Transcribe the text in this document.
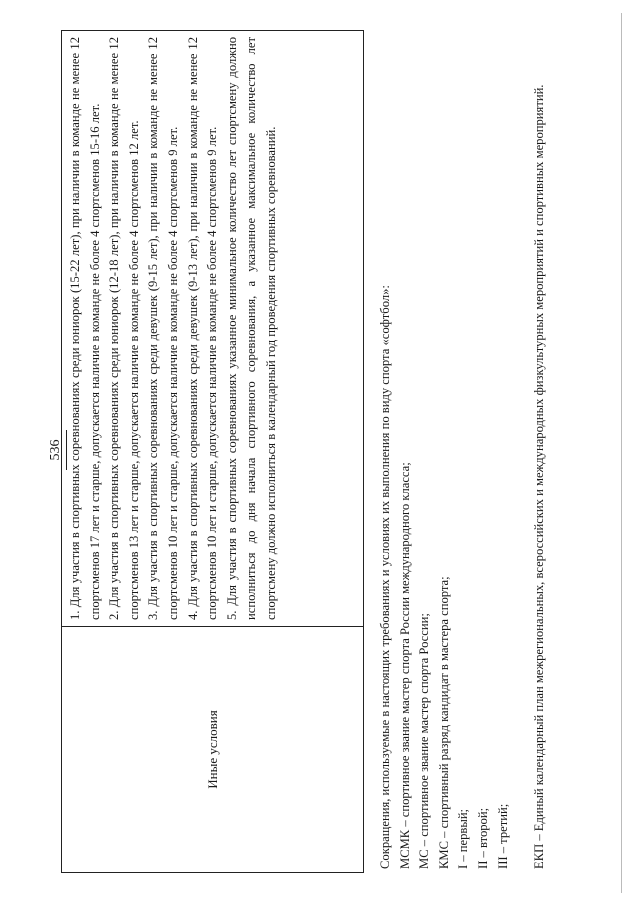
536
Иные условия

1. Для участия в спортивных соревнованиях среди юниорок (15-22 лет), при наличии в команде не менее 12 спортсменов 17 лет и старше, допускается наличие в команде не более 4 спортсменов 15-16 лет. 2. Для участия в спортивных соревнованиях среди юниорок (12-18 лет), при наличии в команде не менее 12 спортсменов 13 лет и старше, допускается наличие в команде не более 4 спортсменов 12 лет. 3. Для участия в спортивных соревнованиях среди девушек (9-15 лет), при наличии в команде не менее 12 спортсменов 10 лет и старше, допускается наличие в команде не более 4 спортсменов 9 лет. 4. Для участия в спортивных соревнованиях среди девушек (9-13 лет), при наличии в команде не менее 12 спортсменов 10 лет и старше, допускается наличие в команде не более 4 спортсменов 9 лет. 5. Для участия в спортивных соревнованиях указанное минимальное количество лет спортсмену должно исполниться до дня начала спортивного соревнования, а указанное максимальное количество лет спортсмену должно исполниться в календарный год проведения спортивных соревнований.	Сокращения, используемые в настоящих требованиях и условиях их выполнения по виду спорта «софтбол»: МСМК – спортивное звание мастер спорта России международного класса; МС – спортивное звание мастер спорта России; КМС – спортивный разряд кандидат в мастера спорта; I – первый; II – второй; III – третий; ЕКП – Единый календарный план межрегиональных, всероссийских и международных физкультурных мероприятий и спортивных мероприятий.
